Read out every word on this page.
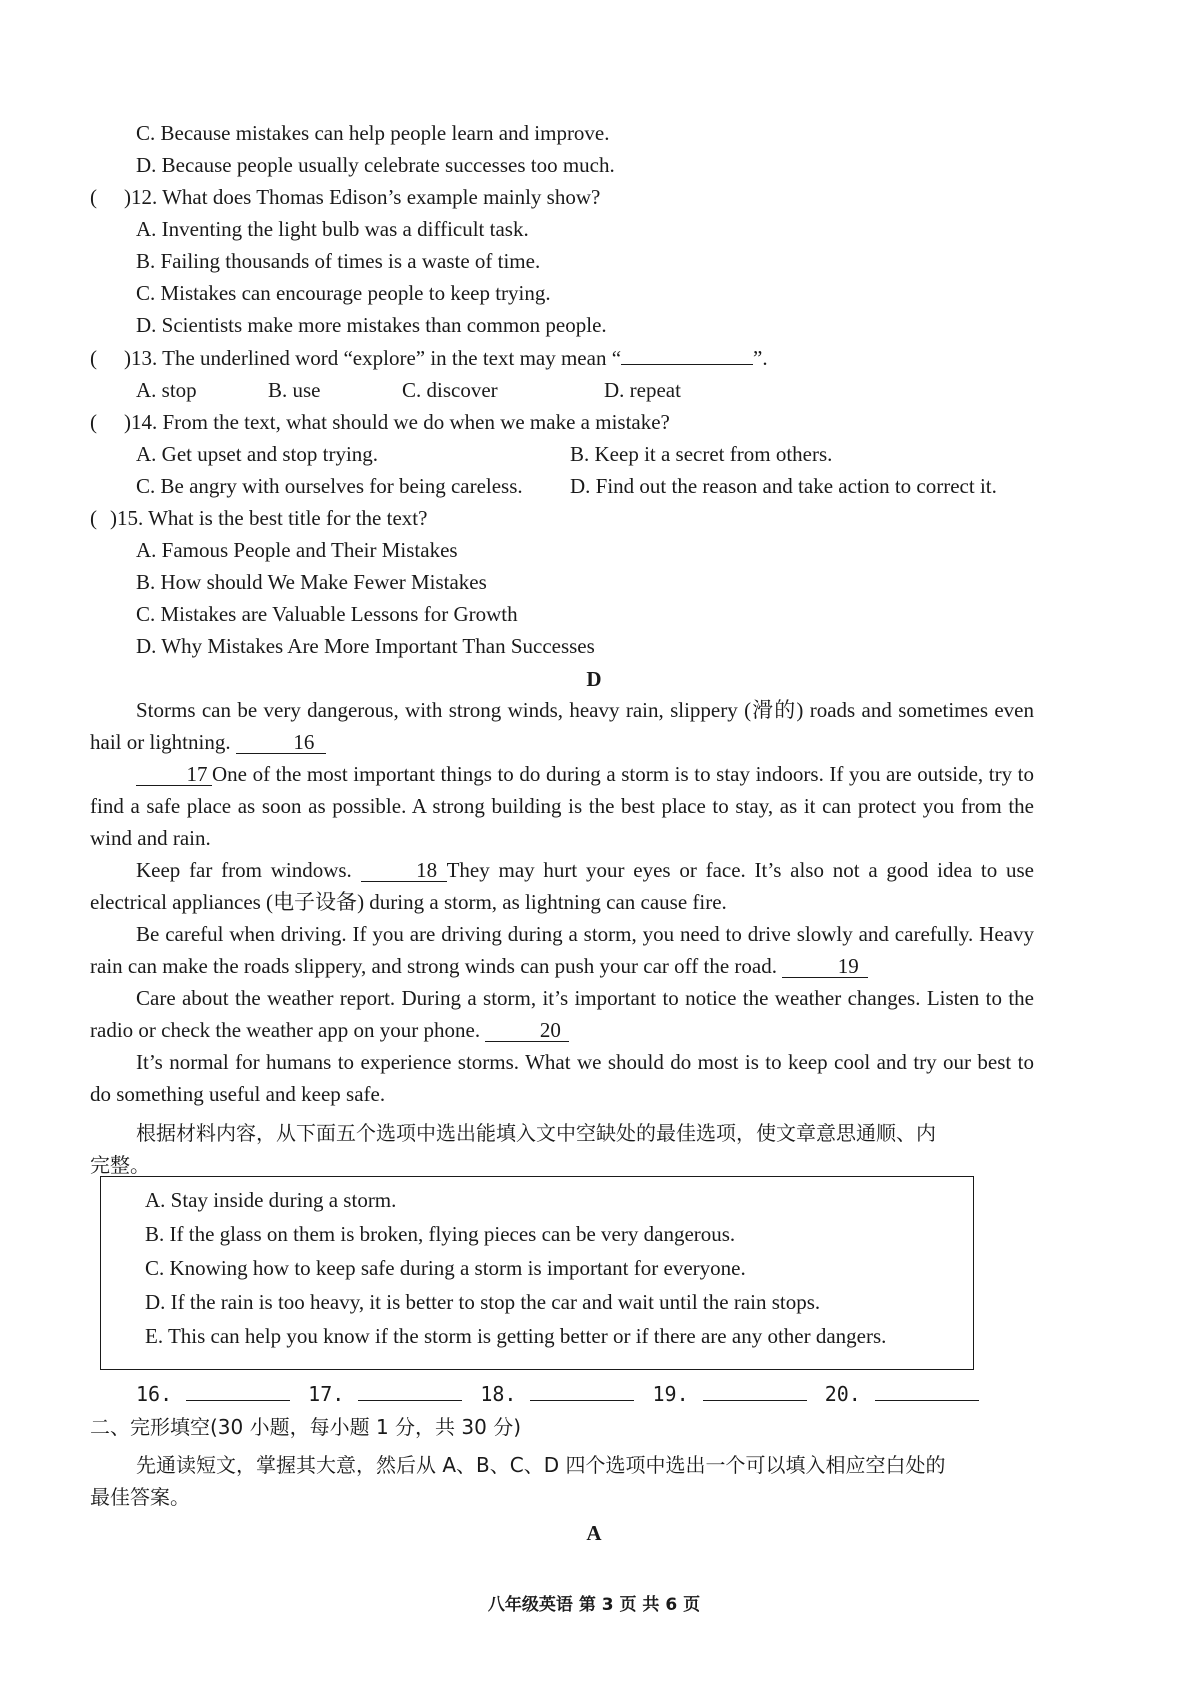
C. Because mistakes can help people learn and improve.
D. Because people usually celebrate successes too much.
( )12. What does Thomas Edison’s example mainly show?
A. Inventing the light bulb was a difficult task.
B. Failing thousands of times is a waste of time.
C. Mistakes can encourage people to keep trying.
D. Scientists make more mistakes than common people.
( )13. The underlined word “explore” in the text may mean “	”.
A. stop	B. use	C. discover	D. repeat
( )14. From the text, what should we do when we make a mistake?
A. Get upset and stop trying.	B. Keep it a secret from others.
C. Be angry with ourselves for being careless. D. Find out the reason and take action to correct it.
( )15. What is the best title for the text?
A. Famous People and Their Mistakes
B. How should We Make Fewer Mistakes
C. Mistakes are Valuable Lessons for Growth
D. Why Mistakes Are More Important Than Successes
D

Storms can be very dangerous, with strong winds, heavy rain, slippery (滑的) roads and sometimes even hail or lightning.	16

17 One of the most important things to do during a storm is to stay indoors. If you are outside, try to find a safe place as soon as possible. A strong building is the best place to stay, as it can protect you from the wind and rain.

Keep far from windows.	18 They may hurt your eyes or face. It’s also not a good idea to use electrical appliances (电子设备) during a storm, as lightning can cause fire.

Be careful when driving. If you are driving during a storm, you need to drive slowly and carefully. Heavy rain can make the roads slippery, and strong winds can push your car off the road.	19

Care about the weather report. During a storm, it’s important to notice the weather changes. Listen to the radio or check the weather app on your phone.	20

It’s normal for humans to experience storms. What we should do most is to keep cool and try our best to do something useful and keep safe.

根据材料内容，从下面五个选项中选出能填入文中空缺处的最佳选项，使文章意思通顺、内
完整。
A. Stay inside during a storm.
B. If the glass on them is broken, flying pieces can be very dangerous.
C. Knowing how to keep safe during a storm is important for everyone.
D. If the rain is too heavy, it is better to stop the car and wait until the rain stops.
E. This can help you know if the storm is getting better or if there are any other dangers.
16.	17.	18.	19.	20.
二、完形填空(30 小题，每小题 1 分，共 30 分)
先通读短文，掌握其大意，然后从 A、B、C、D 四个选项中选出一个可以填入相应空白处的
最佳答案。
A
八年级英语 第 3 页 共 6 页
